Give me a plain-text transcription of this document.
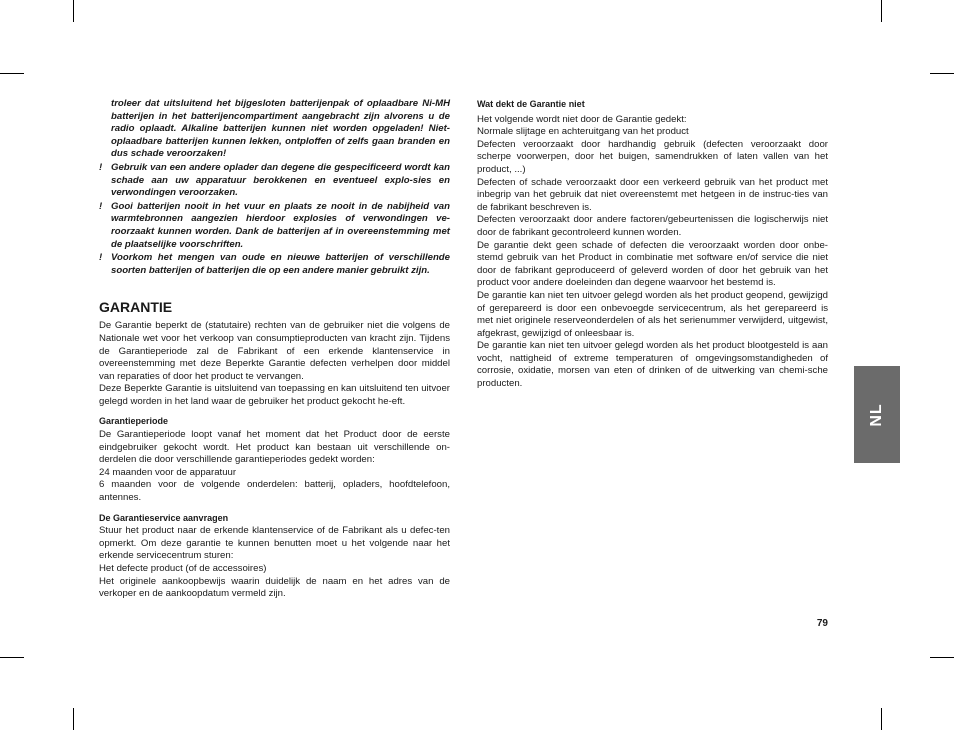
troleer dat uitsluitend het bijgesloten batterijenpak of oplaadbare Ni-MH batterijen in het batterijencompartiment aangebracht zijn alvorens u de radio oplaadt. Alkaline batterijen kunnen niet worden opgeladen! Niet-oplaadbare batterijen kunnen lekken, ontploffen of zelfs gaan branden en dus schade veroorzaken!
! Gebruik van een andere oplader dan degene die gespecificeerd wordt kan schade aan uw apparatuur berokkenen en eventueel explo-sies en verwondingen veroorzaken.
! Gooi batterijen nooit in het vuur en plaats ze nooit in de nabijheid van warmtebronnen aangezien hierdoor explosies of verwondingen ve-roorzaakt kunnen worden. Dank de batterijen af in overeenstemming met de plaatselijke voorschriften.
! Voorkom het mengen van oude en nieuwe batterijen of verschillende soorten batterijen of batterijen die op een andere manier gebruikt zijn.
GARANTIE

De Garantie beperkt de (statutaire) rechten van de gebruiker niet die volgens de Nationale wet voor het verkoop van consumptieproducten van kracht zijn. Tijdens de Garantieperiode zal de Fabrikant of een erkende klantenservice in overeenstemming met deze Beperkte Garantie defecten verhelpen door middel van reparaties of door het product te vervangen.

Deze Beperkte Garantie is uitsluitend van toepassing en kan uitsluitend ten uitvoer gelegd worden in het land waar de gebruiker het product gekocht he-eft.

Garantieperiode

De Garantieperiode loopt vanaf het moment dat het Product door de eerste eindgebruiker gekocht wordt. Het product kan bestaan uit verschillende on-derdelen die door verschillende garantieperiodes gedekt worden:

24 maanden voor de apparatuur

6 maanden voor de volgende onderdelen: batterij, opladers, hoofdtelefoon, antennes.

De Garantieservice aanvragen

Stuur het product naar de erkende klantenservice of de Fabrikant als u defec-ten opmerkt. Om deze garantie te kunnen benutten moet u het volgende naar het erkende servicecentrum sturen:

Het defecte product (of de accessoires)

Het originele aankoopbewijs waarin duidelijk de naam en het adres van de verkoper en de aankoopdatum vermeld zijn.

Wat dekt de Garantie niet

Het volgende wordt niet door de Garantie gedekt:

Normale slijtage en achteruitgang van het product

Defecten veroorzaakt door hardhandig gebruik (defecten veroorzaakt door scherpe voorwerpen, door het buigen, samendrukken of laten vallen van het product, ...)

Defecten of schade veroorzaakt door een verkeerd gebruik van het product met inbegrip van het gebruik dat niet overeenstemt met hetgeen in de instruc-ties van de fabrikant beschreven is.

Defecten veroorzaakt door andere factoren/gebeurtenissen die logischerwijs niet door de fabrikant gecontroleerd kunnen worden.

De garantie dekt geen schade of defecten die veroorzaakt worden door onbe-stemd gebruik van het Product in combinatie met software en/of service die niet door de fabrikant geproduceerd of geleverd worden of door het gebruik van het product voor andere doeleinden dan degene waarvoor het bestemd is.

De garantie kan niet ten uitvoer gelegd worden als het product geopend, gewijzigd of gerepareerd is door een onbevoegde servicecentrum, als het gerepareerd is met niet originele reserveonderdelen of als het serienummer verwijderd, uitgewist, afgekrast, gewijzigd of onleesbaar is.

De garantie kan niet ten uitvoer gelegd worden als het product blootgesteld is aan vocht, nattigheid of extreme temperaturen of omgevingsomstandigheden of corrosie, oxidatie, morsen van eten of drinken of de uitwerking van chemi-sche producten.

NL
79
